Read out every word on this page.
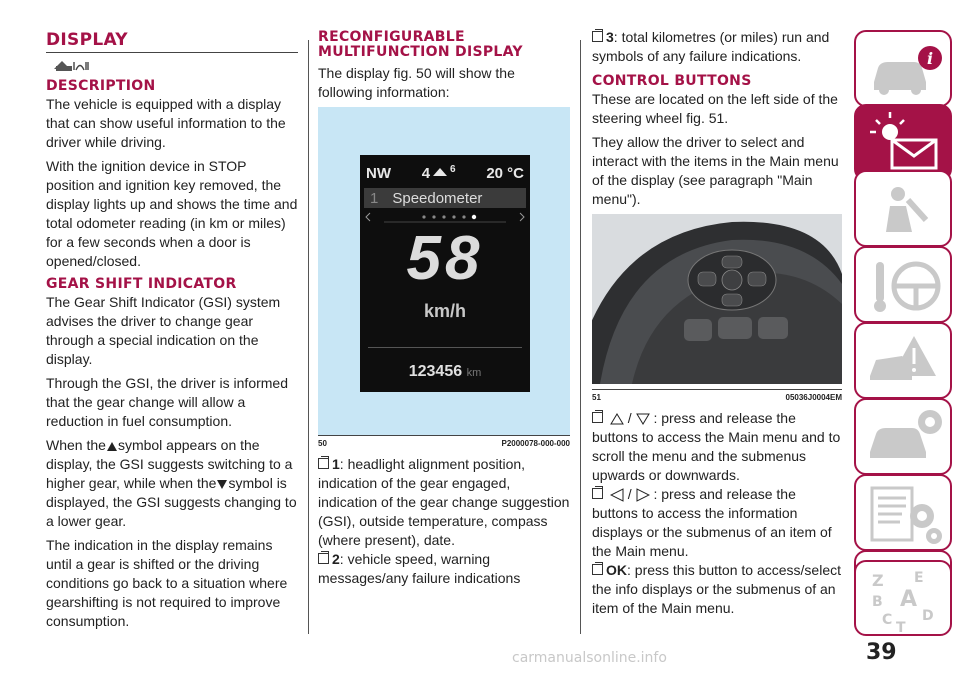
DISPLAY
DESCRIPTION

The vehicle is equipped with a display that can show useful information to the driver while driving.

With the ignition device in STOP position and ignition key removed, the display lights up and shows the time and total odometer reading (in km or miles) for a few seconds when a door is opened/closed.

GEAR SHIFT INDICATOR

The Gear Shift Indicator (GSI) system advises the driver to change gear through a special indication on the display.

Through the GSI, the driver is informed that the gear change will allow a reduction in fuel consumption.

When the symbol appears on the display, the GSI suggests switching to a higher gear, while when the symbol is displayed, the GSI suggests changing to a lower gear.

The indication in the display remains until a gear is shifted or the driving conditions go back to a situation where gearshifting is not required to improve consumption.

RECONFIGURABLE MULTIFUNCTION DISPLAY

The display fig. 50 will show the following information:

NW 4 $^6$ 20 °C
1 Speedometer
58
km/h
123456 km
50	P2000078-000-000
1: headlight alignment position, indication of the gear engaged, indication of the gear change suggestion (GSI), outside temperature, compass (where present), date.
2: vehicle speed, warning messages/any failure indications
3: total kilometres (or miles) run and symbols of any failure indications.
CONTROL BUTTONS

These are located on the left side of the steering wheel fig. 51.

They allow the driver to select and interact with the items in the Main menu of the display (see paragraph "Main menu").

51	05036J0004EM
/ : press and release the buttons to access the Main menu and to scroll the menu and the submenus upwards or downwards.
/ : press and release the buttons to access the information displays or the submenus of an item of the Main menu.
OK: press this button to access/select the info displays or the submenus of an item of the Main menu.
i
Z E
B A
C T
D
39
carmanualsonline.info
